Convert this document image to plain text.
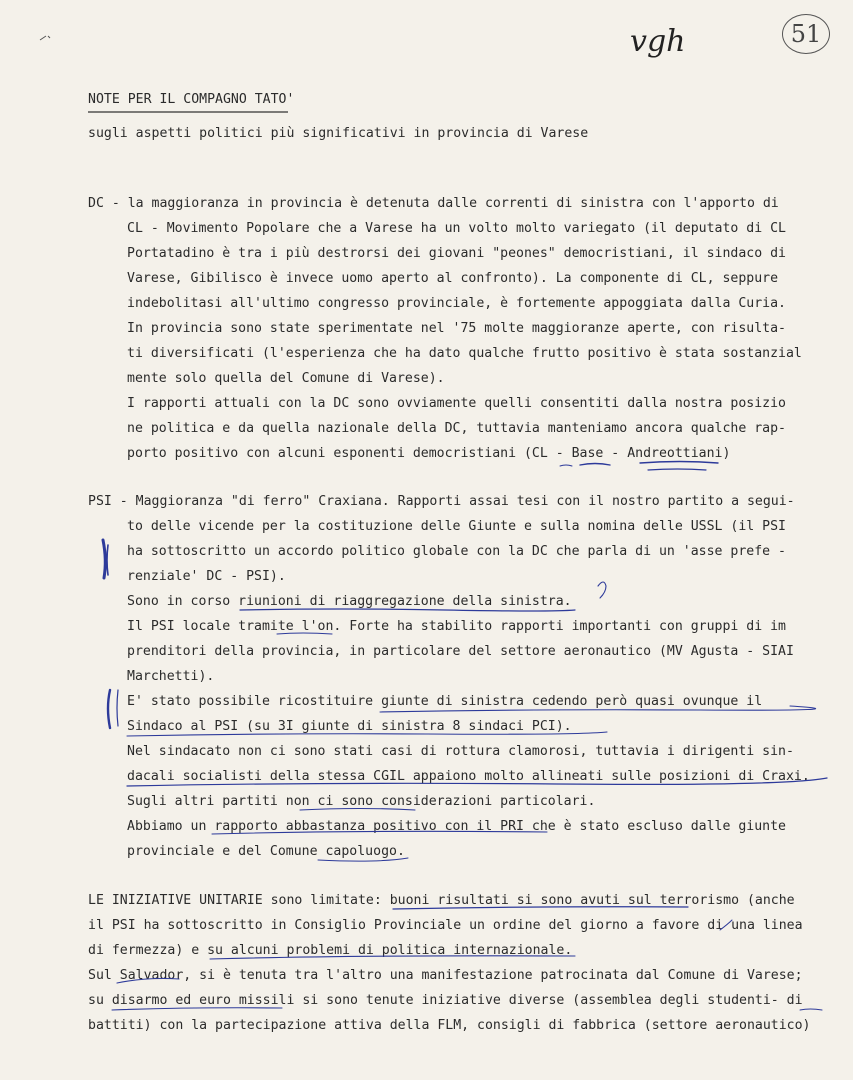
51
vgh
NOTE PER IL COMPAGNO TATO'
sugli aspetti politici più significativi in provincia di Varese
DC - la maggioranza in provincia è detenuta dalle correnti di sinistra con l'apporto di
CL - Movimento Popolare che a Varese ha un volto molto variegato (il deputato di CL
Portatadino è tra i più destrorsi dei giovani "peones" democristiani, il sindaco di
Varese, Gibilisco è invece uomo aperto al confronto). La componente di CL, seppure
indebolitasi all'ultimo congresso provinciale, è fortemente appoggiata dalla Curia.
In provincia sono state sperimentate nel '75 molte maggioranze aperte, con risulta-
ti diversificati (l'esperienza che ha dato qualche frutto positivo è stata sostanzial
mente solo quella del Comune di Varese).
I rapporti attuali con la DC sono ovviamente quelli consentiti dalla nostra posizio
ne politica e da quella nazionale della DC, tuttavia manteniamo ancora qualche rap-
porto positivo con alcuni esponenti democristiani (CL - Base - Andreottiani)
PSI - Maggioranza "di ferro" Craxiana. Rapporti assai tesi con il nostro partito a segui-
to delle vicende per la costituzione delle Giunte e sulla nomina delle USSL (il PSI
ha sottoscritto un accordo politico globale con la DC che parla di un 'asse prefe -
renziale' DC - PSI).
Sono in corso riunioni di riaggregazione della sinistra.
Il PSI locale tramite l'on. Forte ha stabilito rapporti importanti con gruppi di im
prenditori della provincia, in particolare del settore aeronautico (MV Agusta - SIAI
Marchetti).
E' stato possibile ricostituire giunte di sinistra cedendo però quasi ovunque il
Sindaco al PSI (su 3I giunte di sinistra 8 sindaci PCI).
Nel sindacato non ci sono stati casi di rottura clamorosi, tuttavia i dirigenti sin-
dacali socialisti della stessa CGIL appaiono molto allineati sulle posizioni di Craxi.
Sugli altri partiti non ci sono considerazioni particolari.
Abbiamo un rapporto abbastanza positivo con il PRI che è stato escluso dalle giunte
provinciale e del Comune capoluogo.
LE INIZIATIVE UNITARIE sono limitate: buoni risultati si sono avuti sul terrorismo (anche
il PSI ha sottoscritto in Consiglio Provinciale un ordine del giorno a favore di una linea
di fermezza) e su alcuni problemi di politica internazionale.
Sul Salvador, si è tenuta tra l'altro una manifestazione patrocinata dal Comune di Varese;
su disarmo ed euro missili si sono tenute iniziative diverse (assemblea degli studenti- di
battiti) con la partecipazione attiva della FLM, consigli di fabbrica (settore aeronautico)
